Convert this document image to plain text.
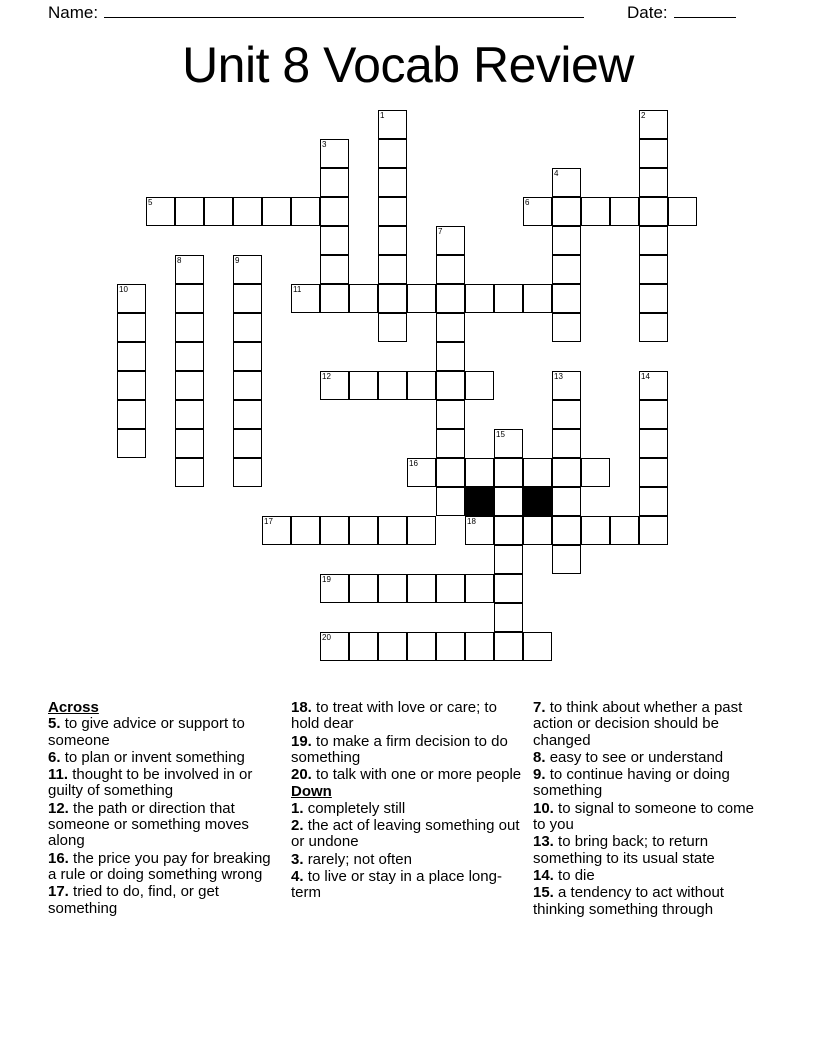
Name:	Date:
Unit 8 Vocab Review
1	2
3
4
5	6
7
8	9
10	11
12	13	14
15
16
17	18
19
20
Across
5. to give advice or support to someone
6. to plan or invent something
11. thought to be involved in or guilty of something
12. the path or direction that someone or something moves along
16. the price you pay for breaking a rule or doing something wrong
17. tried to do, find, or get something
18. to treat with love or care; to hold dear
19. to make a firm decision to do something
20. to talk with one or more people
Down
1. completely still
2. the act of leaving something out or undone
3. rarely; not often
4. to live or stay in a place long-term
7. to think about whether a past action or decision should be changed
8. easy to see or understand
9. to continue having or doing something
10. to signal to someone to come to you
13. to bring back; to return something to its usual state
14. to die
15. a tendency to act without thinking something through
